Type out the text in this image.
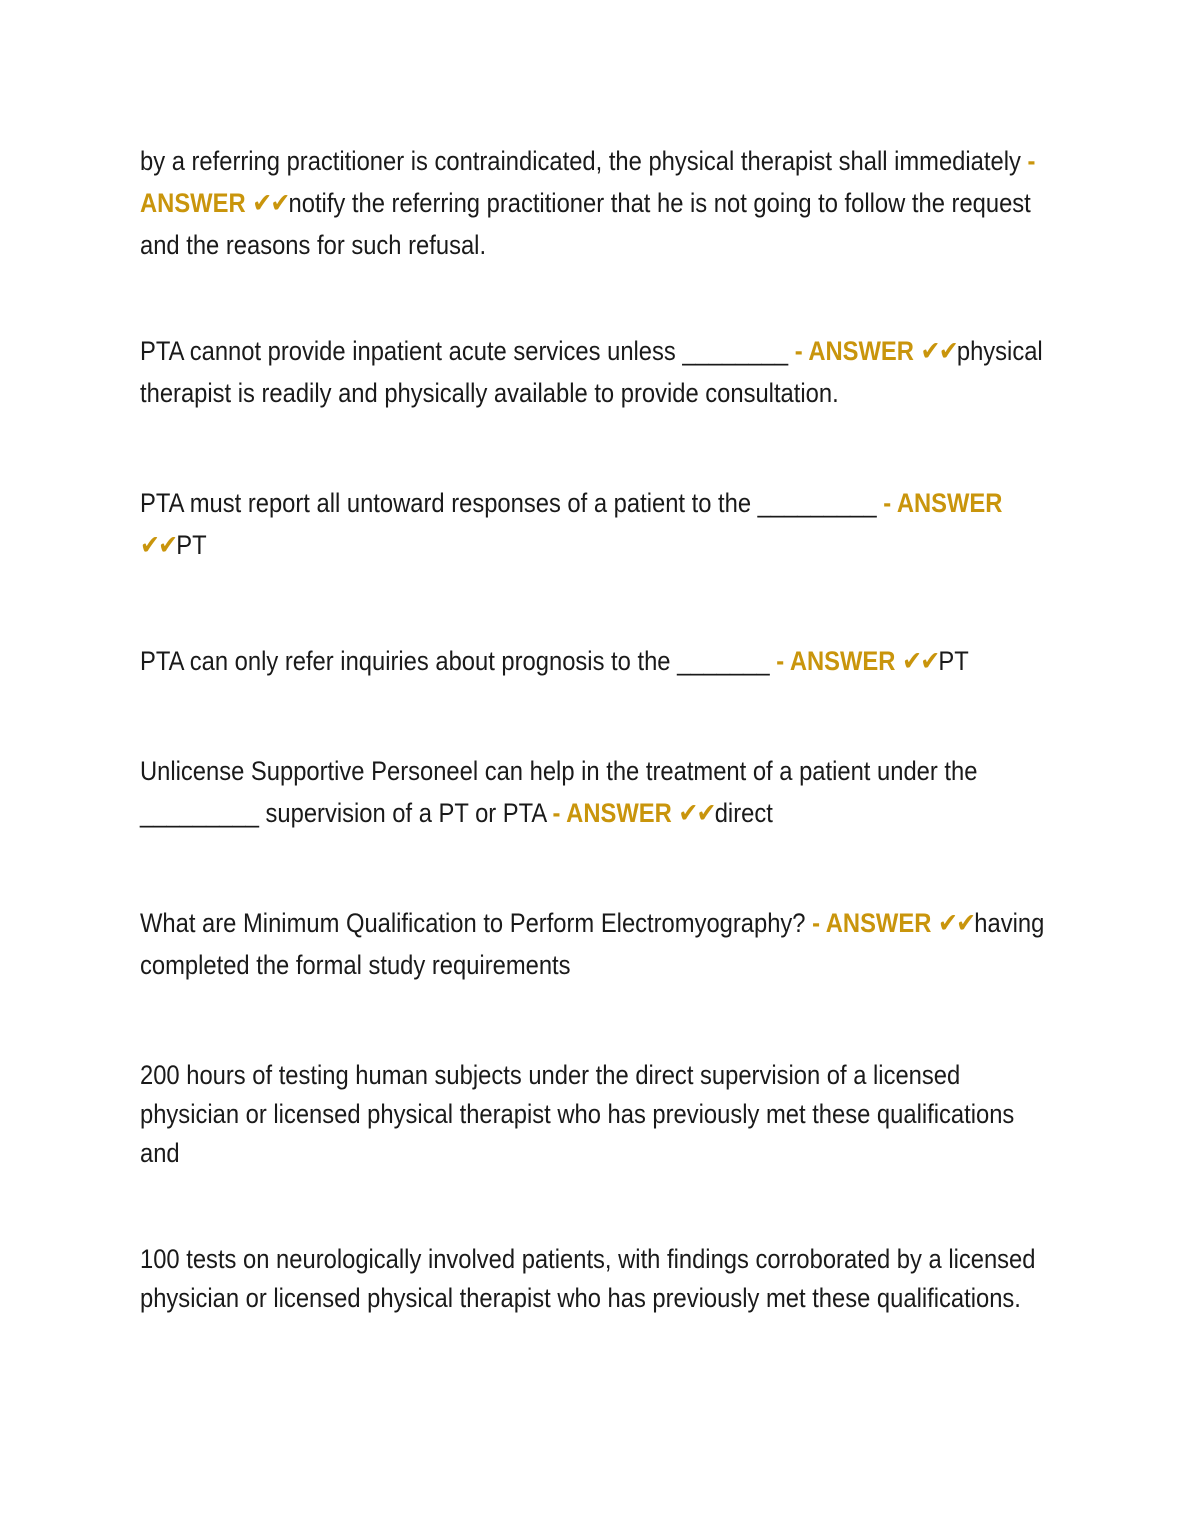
by a referring practitioner is contraindicated, the physical therapist shall immediately - ANSWER ✔✔notify the referring practitioner that he is not going to follow the request and the reasons for such refusal.

PTA cannot provide inpatient acute services unless ________ - ANSWER ✔✔physical therapist is readily and physically available to provide consultation.

PTA must report all untoward responses of a patient to the _________ - ANSWER ✔✔PT

PTA can only refer inquiries about prognosis to the _______ - ANSWER ✔✔PT

Unlicense Supportive Personeel can help in the treatment of a patient under the _________ supervision of a PT or PTA - ANSWER ✔✔direct

What are Minimum Qualification to Perform Electromyography? - ANSWER ✔✔having completed the formal study requirements

200 hours of testing human subjects under the direct supervision of a licensed physician or licensed physical therapist who has previously met these qualifications and

100 tests on neurologically involved patients, with findings corroborated by a licensed physician or licensed physical therapist who has previously met these qualifications.
